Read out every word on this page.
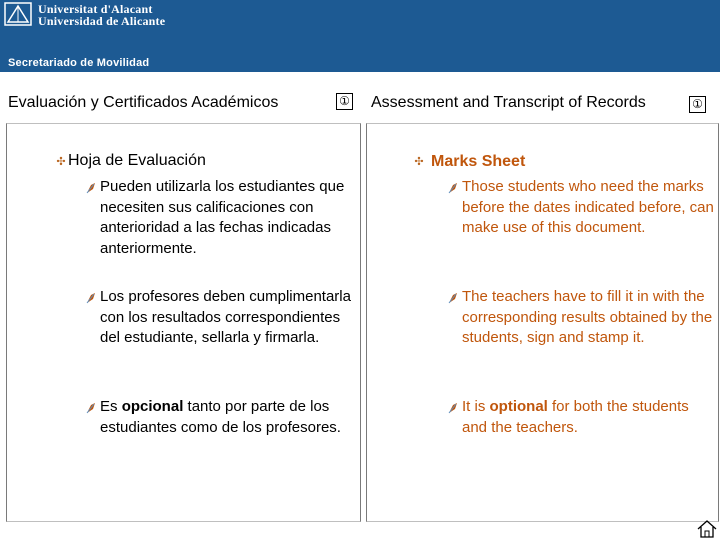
Universitat d'Alacant
Universidad de Alicante
Secretariado de Movilidad
Evaluación y Certificados Académicos	① Assessment and Transcript of Records	①
✣ Hoja de Evaluación	✣ Marks Sheet
Pueden utilizarla los estudiantes que necesiten sus calificaciones con anterioridad a las fechas indicadas anteriormente.
Los profesores deben cumplimentarla con los resultados correspondientes del estudiante, sellarla y firmarla.
Es opcional tanto por parte de los estudiantes como de los profesores.
Those students who need the marks before the dates indicated before, can make use of this document.
The teachers have to fill it in with the corresponding results obtained by the students, sign and stamp it.
It is optional for both the students and the teachers.
